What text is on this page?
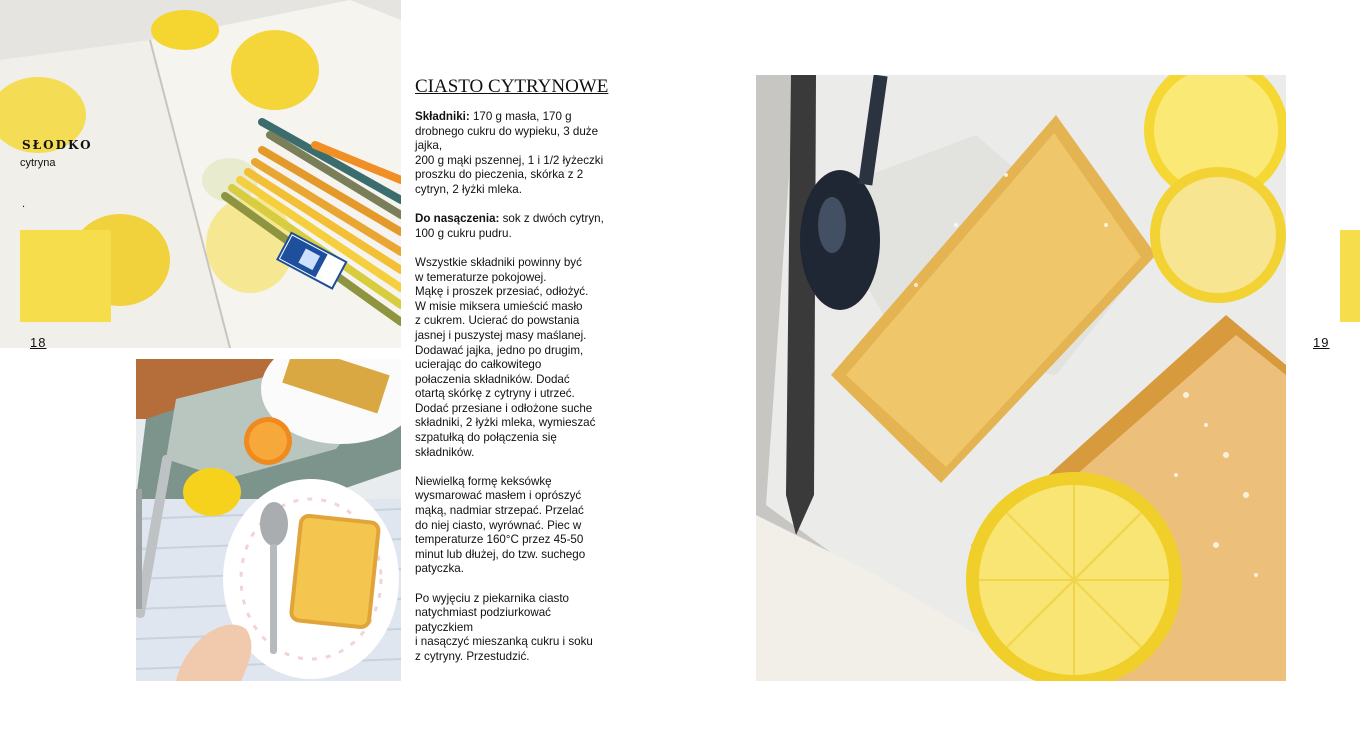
SŁODKO
cytryna
.
18
CIASTO CYTRYNOWE

Składniki: 170 g masła, 170 g drobnego cukru do wypieku, 3 duże jajka,
200 g mąki pszennej, 1 i 1/2 łyżeczki proszku do pieczenia, skórka z 2 cytryn, 2 łyżki mleka.

Do nasączenia: sok z dwóch cytryn, 100 g cukru pudru.

Wszystkie składniki powinny być
w temeraturze pokojowej.
Mąkę i proszek przesiać, odłożyć.
W misie miksera umieścić masło
z cukrem. Ucierać do powstania
jasnej i puszystej masy maślanej.
Dodawać jajka, jedno po drugim,
ucierając do całkowitego
połaczenia składników. Dodać
otartą skórkę z cytryny i utrzeć.
Dodać przesiane i odłożone suche
składniki, 2 łyżki mleka, wymieszać
szpatułką do połączenia się
składników.

Niewielką formę keksówkę
wysmarować masłem i oprószyć
mąką, nadmiar strzepać. Przelać
do niej ciasto, wyrównać. Piec w
temperaturze 160°C przez 45-50
minut lub dłużej, do tzw. suchego
patyczka.

Po wyjęciu z piekarnika ciasto
natychmiast podziurkować
patyczkiem
i nasączyć mieszanką cukru i soku
z cytryny. Przestudzić.

19
